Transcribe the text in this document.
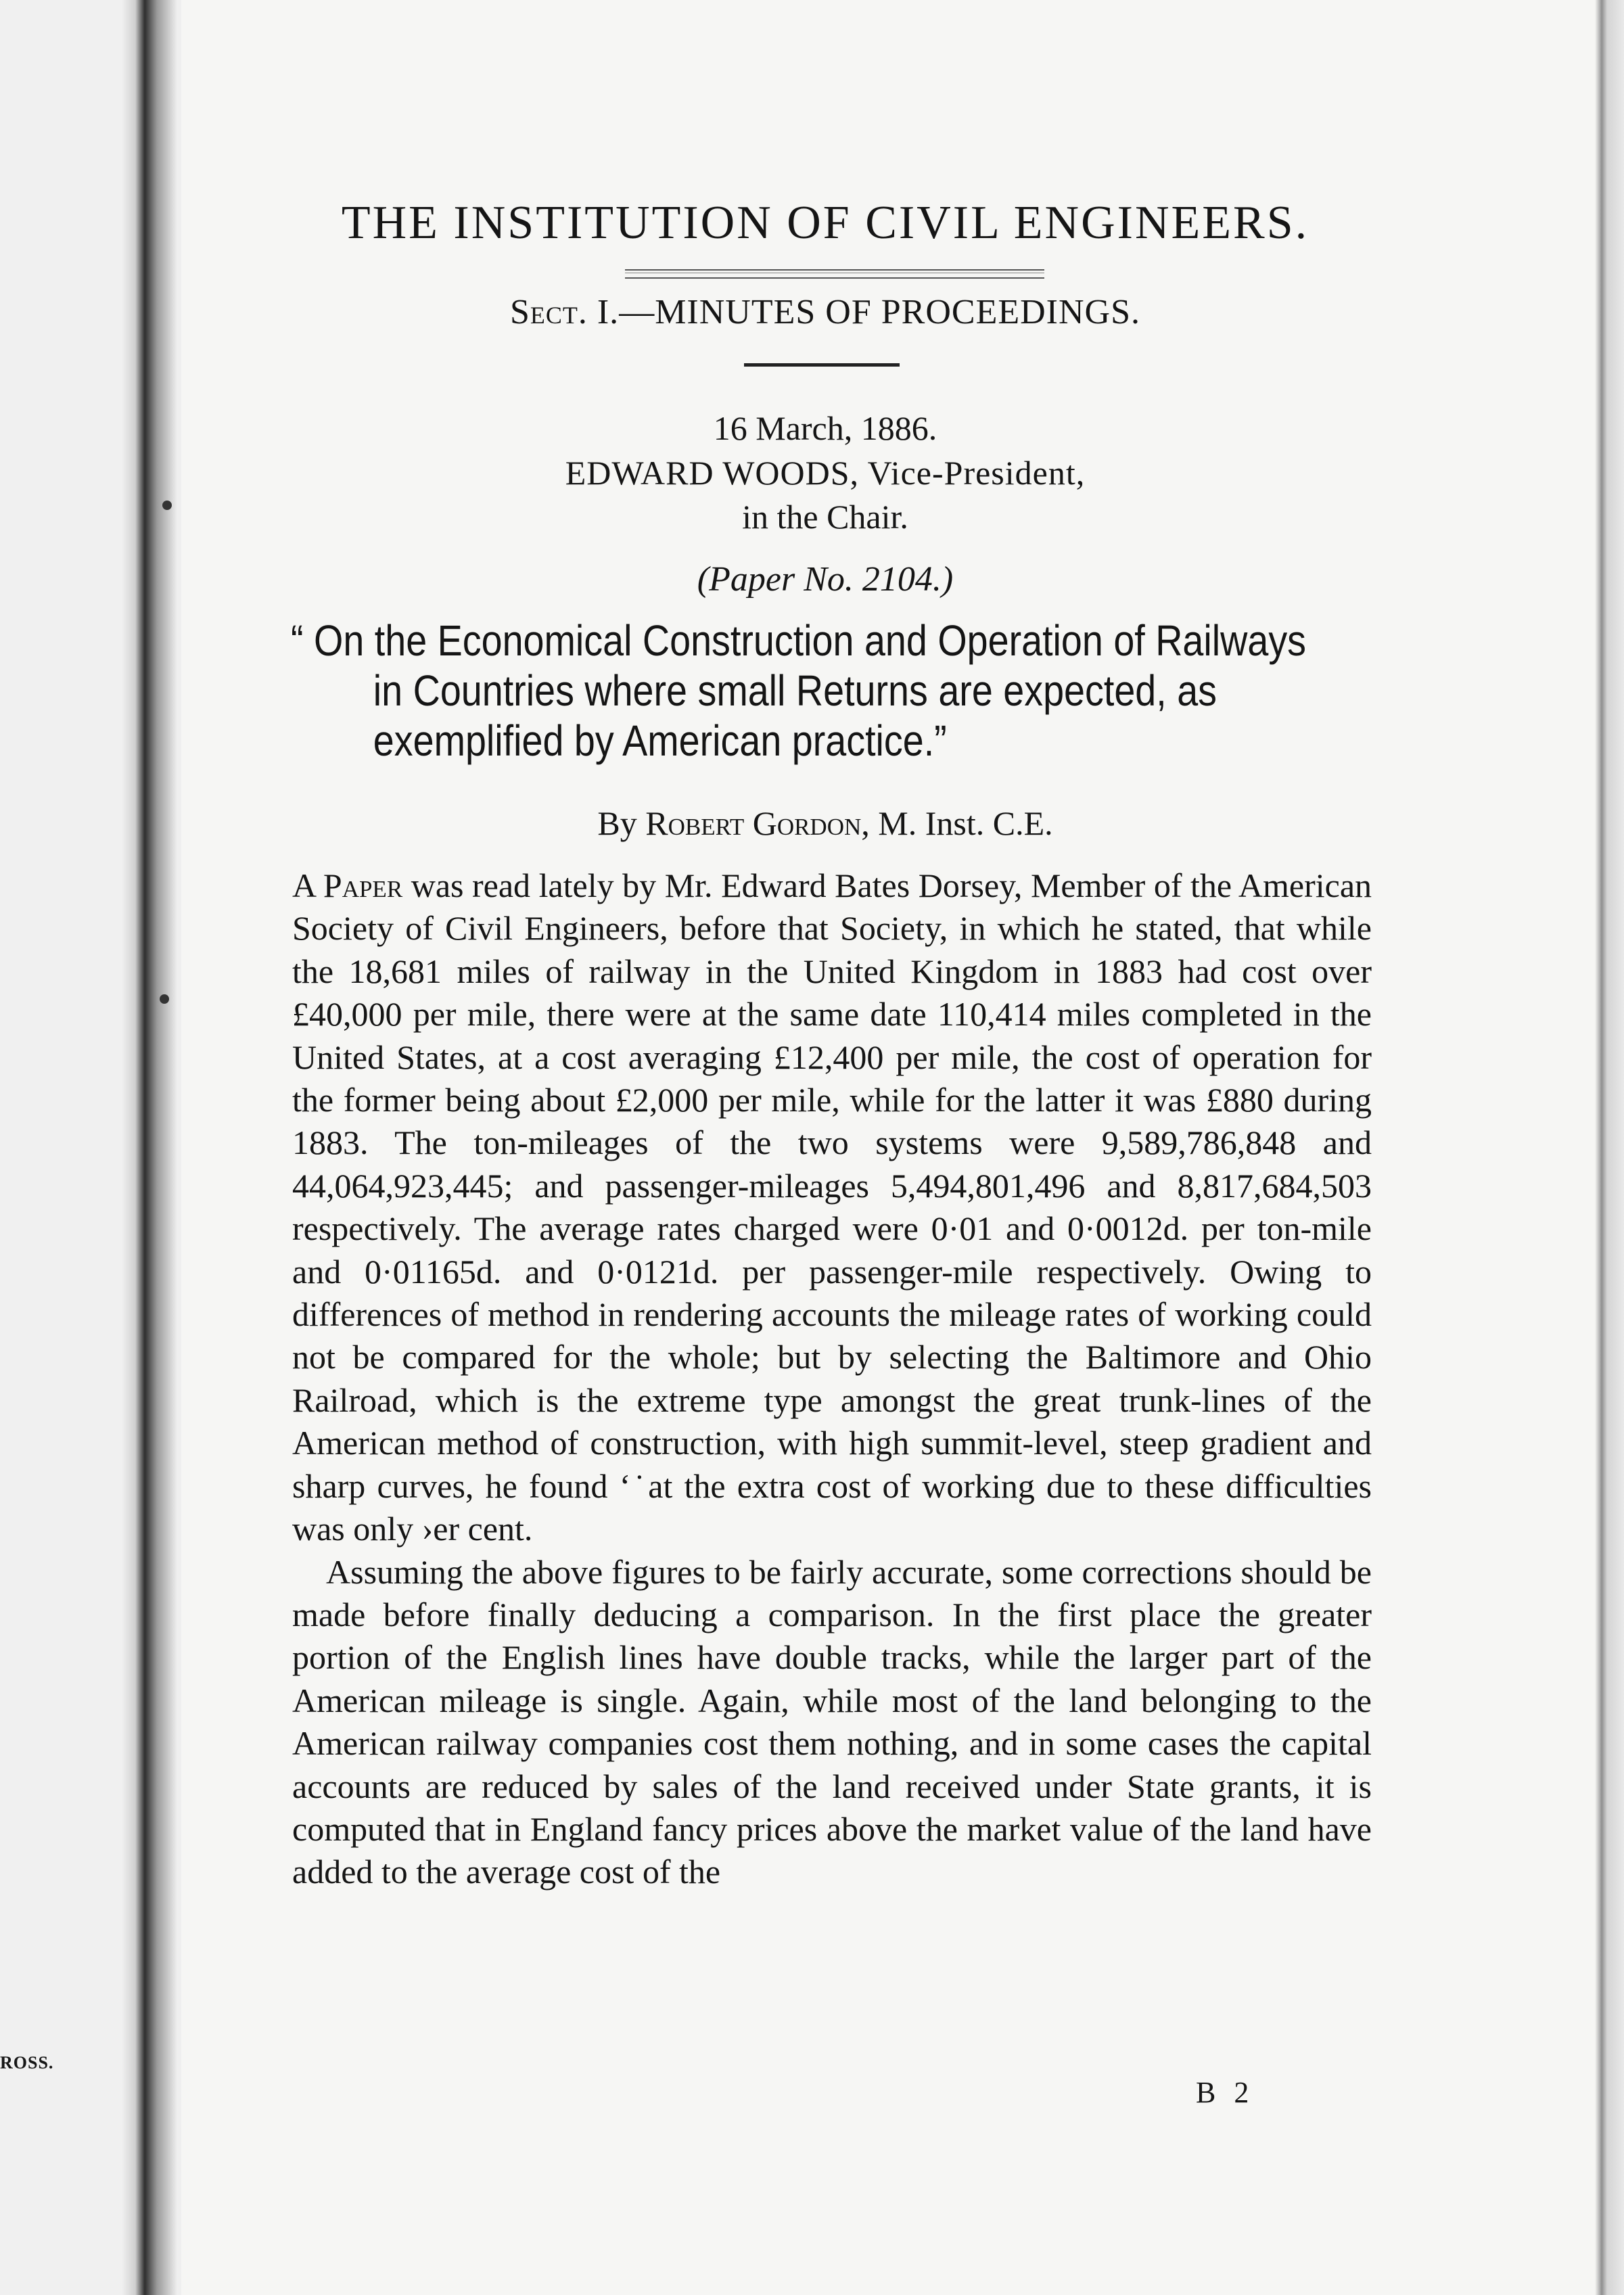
ROSS.
THE INSTITUTION OF CIVIL ENGINEERS.
Sect. I.—MINUTES OF PROCEEDINGS.
16 March, 1886.
EDWARD WOODS, Vice-President,
in the Chair.
(Paper No. 2104.)
“ On the Economical Construction and Operation of Railways
in Countries where small Returns are expected, as
exemplified by American practice.”
By Robert Gordon, M. Inst. C.E.

A Paper was read lately by Mr. Edward Bates Dorsey, Member of the American Society of Civil Engineers, before that Society, in which he stated, that while the 18,681 miles of railway in the United Kingdom in 1883 had cost over £40,000 per mile, there were at the same date 110,414 miles completed in the United States, at a cost averaging £12,400 per mile, the cost of operation for the former being about £2,000 per mile, while for the latter it was £880 during 1883. The ton-mileages of the two systems were 9,589,786,848 and 44,064,923,445; and passenger-mileages 5,494,801,496 and 8,817,684,503 respectively. The average rates charged were 0·01 and 0·0012d. per ton-mile and 0·01165d. and 0·0121d. per passenger-mile respectively. Owing to differences of method in rendering accounts the mileage rates of working could not be compared for the whole; but by selecting the Baltimore and Ohio Railroad, which is the extreme type amongst the great trunk-lines of the American method of construction, with high summit-level, steep gradient and sharp curves, he found ‘˙at the extra cost of working due to these difficulties was only ›er cent.

Assuming the above figures to be fairly accurate, some corrections should be made before finally deducing a comparison. In the first place the greater portion of the English lines have double tracks, while the larger part of the American mileage is single. Again, while most of the land belonging to the American railway companies cost them nothing, and in some cases the capital accounts are reduced by sales of the land received under State grants, it is computed that in England fancy prices above the market value of the land have added to the average cost of the

B 2
